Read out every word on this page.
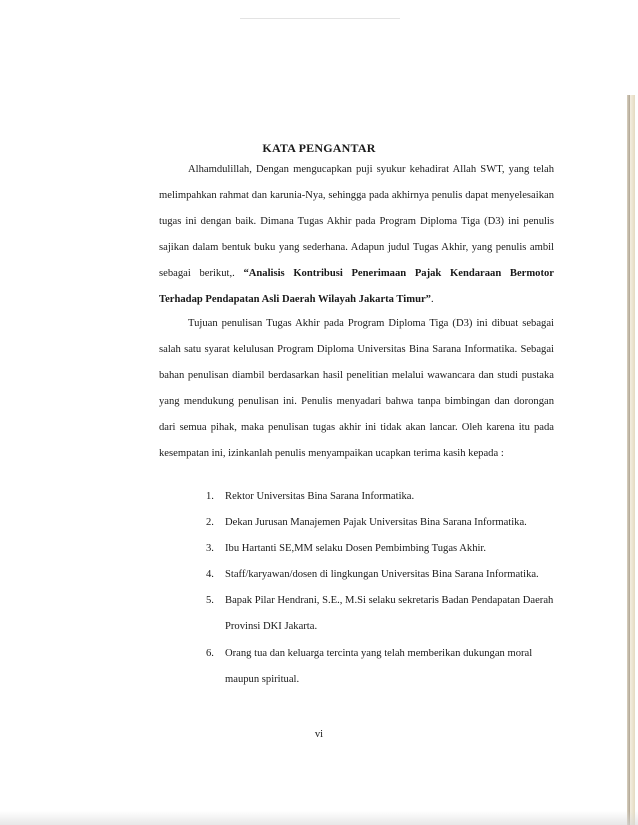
KATA PENGANTAR

Alhamdulillah, Dengan mengucapkan puji syukur kehadirat Allah SWT, yang telah melimpahkan rahmat dan karunia-Nya, sehingga pada akhirnya penulis dapat menyelesaikan tugas ini dengan baik. Dimana Tugas Akhir pada Program Diploma Tiga (D3) ini penulis sajikan dalam bentuk buku yang sederhana. Adapun judul Tugas Akhir, yang penulis ambil sebagai berikut,. “Analisis Kontribusi Penerimaan Pajak Kendaraan Bermotor Terhadap Pendapatan Asli Daerah Wilayah Jakarta Timur”.

Tujuan penulisan Tugas Akhir pada Program Diploma Tiga (D3) ini dibuat sebagai salah satu syarat kelulusan Program Diploma Universitas Bina Sarana Informatika. Sebagai bahan penulisan diambil berdasarkan hasil penelitian melalui wawancara dan studi pustaka yang mendukung penulisan ini. Penulis menyadari bahwa tanpa bimbingan dan dorongan dari semua pihak, maka penulisan tugas akhir ini tidak akan lancar. Oleh karena itu pada kesempatan ini, izinkanlah penulis menyampaikan ucapkan terima kasih kepada :

1. Rektor Universitas Bina Sarana Informatika.
2. Dekan Jurusan Manajemen Pajak Universitas Bina Sarana Informatika.
3. Ibu Hartanti SE,MM selaku Dosen Pembimbing Tugas Akhir.
4. Staff/karyawan/dosen di lingkungan Universitas Bina Sarana Informatika.
5. Bapak Pilar Hendrani, S.E., M.Si selaku sekretaris Badan Pendapatan Daerah Provinsi DKI Jakarta.
6. Orang tua dan keluarga tercinta yang telah memberikan dukungan moral maupun spiritual.
vi
